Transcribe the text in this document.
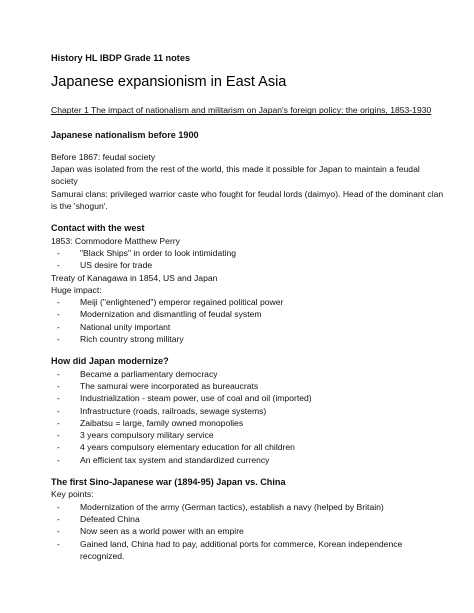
History HL IBDP Grade 11 notes

Japanese expansionism in East Asia

Chapter 1 The impact of nationalism and militarism on Japan's foreign policy: the origins, 1853-1930

Japanese nationalism before 1900

Before 1867: feudal society

Japan was isolated from the rest of the world, this made it possible for Japan to maintain a feudal society

Samurai clans: privileged warrior caste who fought for feudal lords (daimyo). Head of the dominant clan is the 'shogun'.

Contact with the west

1853: Commodore Matthew Perry

- "Black Ships" in order to look intimidating
- US desire for trade

Treaty of Kanagawa in 1854, US and Japan

Huge impact:

- Meiji ("enlightened") emperor regained political power
- Modernization and dismantling of feudal system
- National unity important
- Rich country strong military

How did Japan modernize?

- Became a parliamentary democracy
- The samurai were incorporated as bureaucrats
- Industrialization - steam power, use of coal and oil (imported)
- Infrastructure (roads, railroads, sewage systems)
- Zaibatsu = large, family owned monopolies
- 3 years compulsory military service
- 4 years compulsory elementary education for all children
- An efficient tax system and standardized currency

The first Sino-Japanese war (1894-95) Japan vs. China

Key points:

- Modernization of the army (German tactics), establish a navy (helped by Britain)
- Defeated China
- Now seen as a world power with an empire
- Gained land, China had to pay, additional ports for commerce, Korean independence recognized.
